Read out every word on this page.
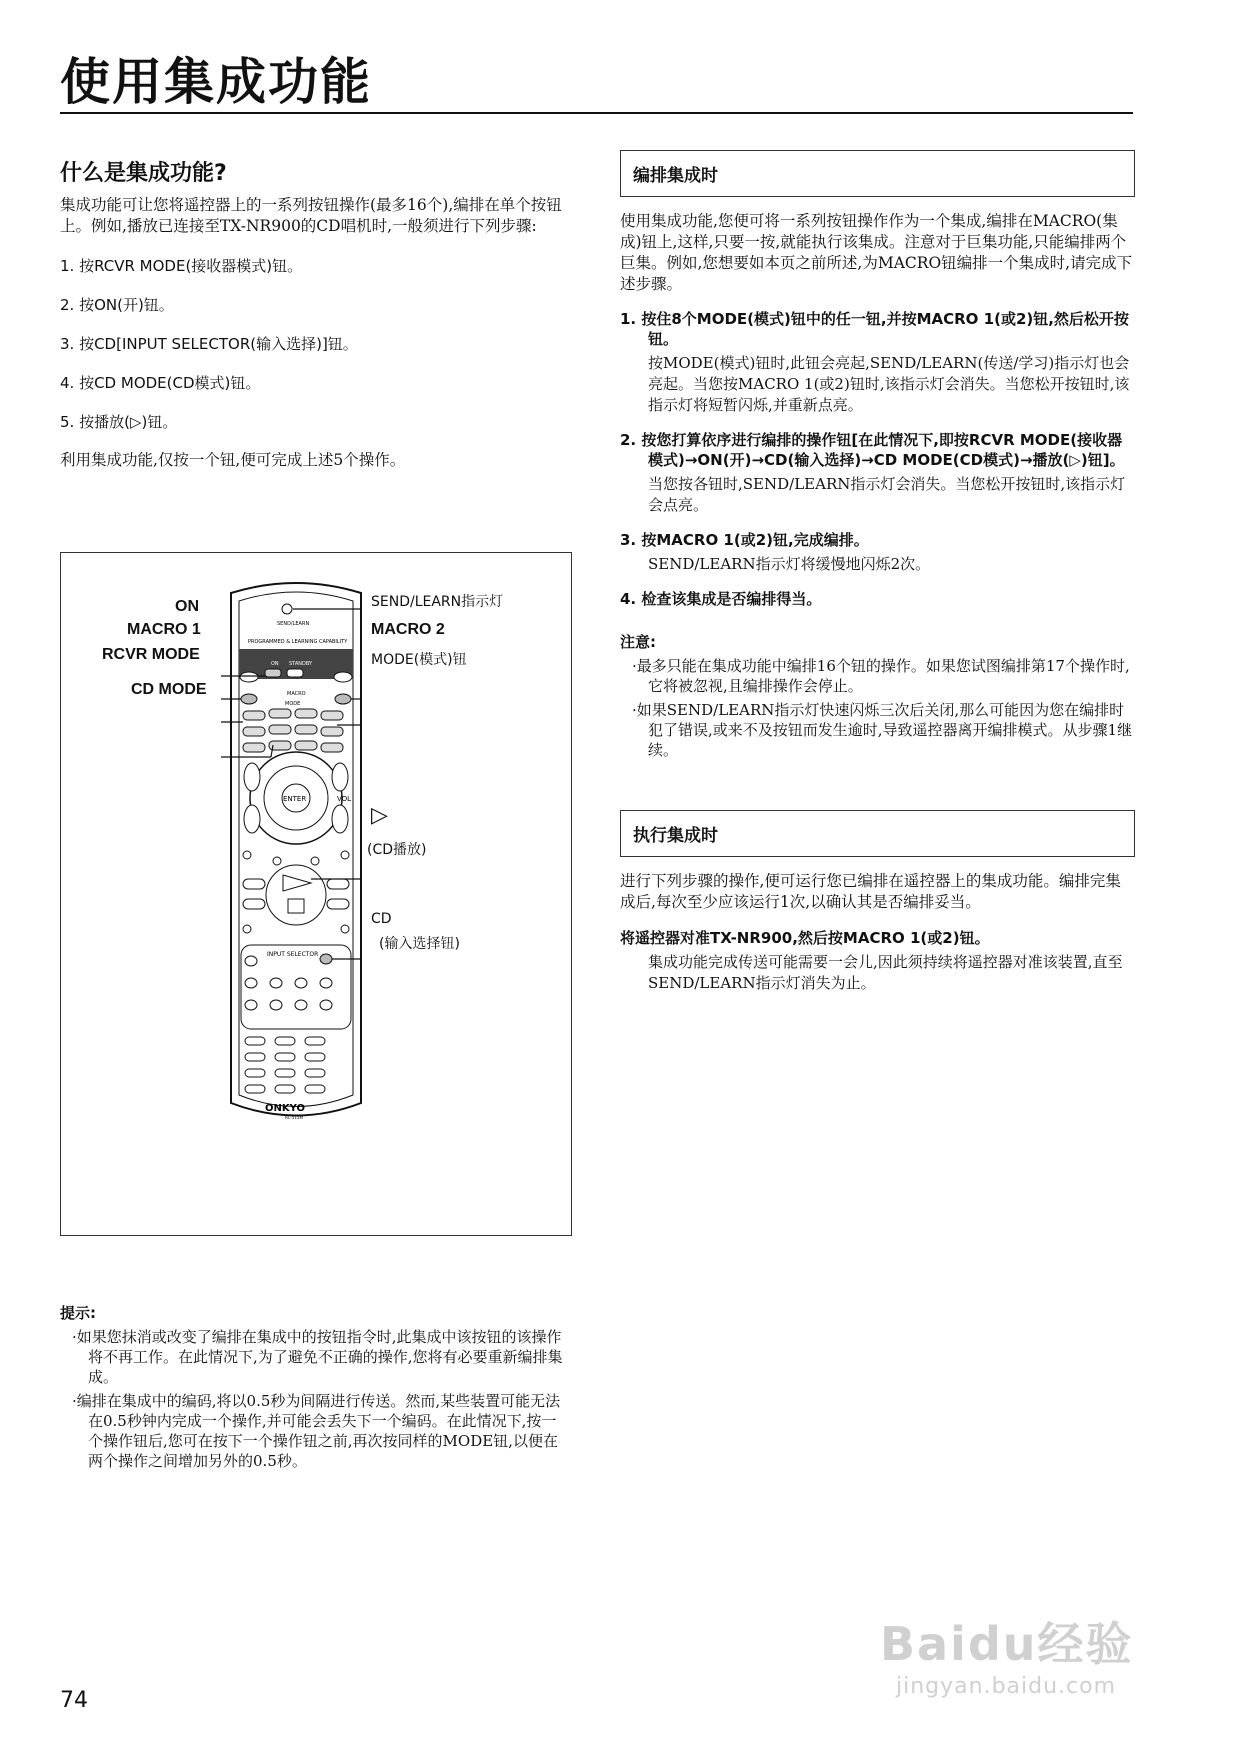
使用集成功能
什么是集成功能?

集成功能可让您将遥控器上的一系列按钮操作(最多16个),编排在单个按钮上。例如,播放已连接至TX-NR900的CD唱机时,一般须进行下列步骤:

1. 按RCVR MODE(接收器模式)钮。

2. 按ON(开)钮。

3. 按CD[INPUT SELECTOR(输入选择)]钮。

4. 按CD MODE(CD模式)钮。

5. 按播放(▷)钮。

利用集成功能,仅按一个钮,便可完成上述5个操作。

SEND/LEARN
PROGRAMMED & LEARNING CAPABILITY
ON STANDBY
MACRO
MODE
ENTER	VOL
INPUT SELECTOR
ONKYO
RC-515M
SEND/LEARN指示灯
ON
MACRO 1
RCVR MODE
CD MODE
MACRO 2
MODE(模式)钮
▷
(CD播放)
CD
(输入选择钮)

提示:

·如果您抹消或改变了编排在集成中的按钮指令时,此集成中该按钮的该操作将不再工作。在此情况下,为了避免不正确的操作,您将有必要重新编排集成。

·编排在集成中的编码,将以0.5秒为间隔进行传送。然而,某些装置可能无法在0.5秒钟内完成一个操作,并可能会丢失下一个编码。在此情况下,按一个操作钮后,您可在按下一个操作钮之前,再次按同样的MODE钮,以便在两个操作之间增加另外的0.5秒。

编排集成时

使用集成功能,您便可将一系列按钮操作作为一个集成,编排在MACRO(集成)钮上,这样,只要一按,就能执行该集成。注意对于巨集功能,只能编排两个巨集。例如,您想要如本页之前所述,为MACRO钮编排一个集成时,请完成下述步骤。

1. 按住8个MODE(模式)钮中的任一钮,并按MACRO 1(或2)钮,然后松开按钮。

按MODE(模式)钮时,此钮会亮起,SEND/LEARN(传送/学习)指示灯也会亮起。当您按MACRO 1(或2)钮时,该指示灯会消失。当您松开按钮时,该指示灯将短暂闪烁,并重新点亮。

2. 按您打算依序进行编排的操作钮[在此情况下,即按RCVR MODE(接收器模式)→ON(开)→CD(输入选择)→CD MODE(CD模式)→播放(▷)钮]。

当您按各钮时,SEND/LEARN指示灯会消失。当您松开按钮时,该指示灯会点亮。

3. 按MACRO 1(或2)钮,完成编排。

SEND/LEARN指示灯将缓慢地闪烁2次。

4. 检查该集成是否编排得当。

注意:

·最多只能在集成功能中编排16个钮的操作。如果您试图编排第17个操作时,它将被忽视,且编排操作会停止。

·如果SEND/LEARN指示灯快速闪烁三次后关闭,那么可能因为您在编排时犯了错误,或来不及按钮而发生逾时,导致遥控器离开编排模式。从步骤1继续。

执行集成时

进行下列步骤的操作,便可运行您已编排在遥控器上的集成功能。编排完集成后,每次至少应该运行1次,以确认其是否编排妥当。

将遥控器对准TX-NR900,然后按MACRO 1(或2)钮。

集成功能完成传送可能需要一会儿,因此须持续将遥控器对准该装置,直至SEND/LEARN指示灯消失为止。

74
Baidu经验
jingyan.baidu.com
